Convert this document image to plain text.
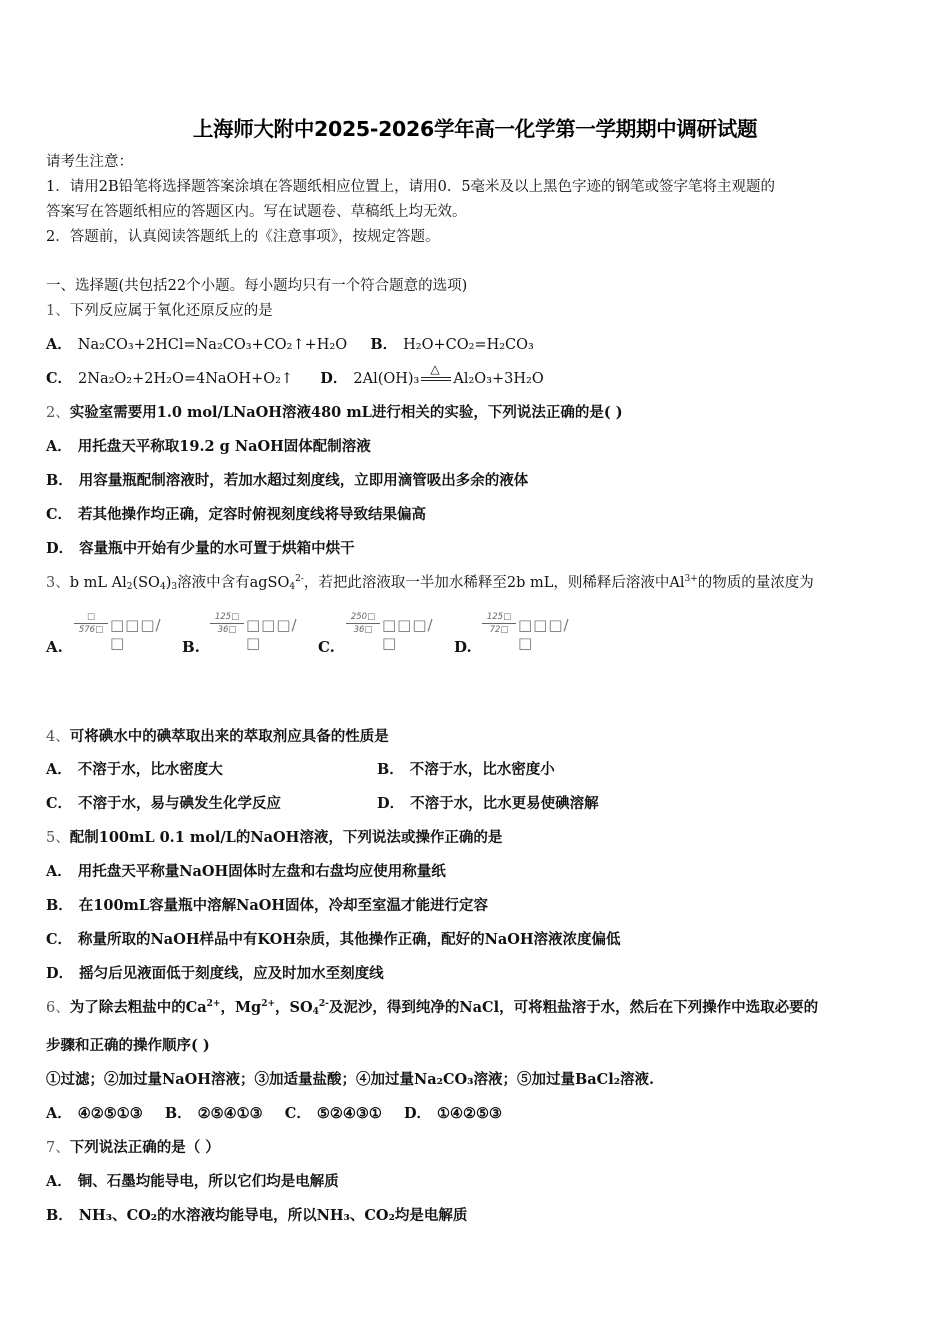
上海师大附中2025-2026学年高一化学第一学期期中调研试题
请考生注意：
1．请用2B铅笔将选择题答案涂填在答题纸相应位置上，请用0．5毫米及以上黑色字迹的钢笔或签字笔将主观题的
答案写在答题纸相应的答题区内。写在试题卷、草稿纸上均无效。
2．答题前，认真阅读答题纸上的《注意事项》，按规定答题。
一、选择题(共包括22个小题。每小题均只有一个符合题意的选项)
1、下列反应属于氧化还原反应的是
A． Na₂CO₃+2HCl=Na₂CO₃+CO₂↑+H₂O B． H₂O+CO₂=H₂CO₃
C． 2Na₂O₂+2H₂O=4NaOH+O₂↑ D． 2Al(OH)₃
△
Al₂O₃+3H₂O
2、实验室需要用1.0 mol/LNaOH溶液480 mL进行相关的实验，下列说法正确的是( )
A． 用托盘天平称取19.2 g NaOH固体配制溶液
B． 用容量瓶配制溶液时，若加水超过刻度线，立即用滴管吸出多余的液体
C． 若其他操作均正确，定容时俯视刻度线将导致结果偏高
D． 容量瓶中开始有少量的水可置于烘箱中烘干
3、b mL $Al_2(SO_4)_3$溶液中含有agSO$_4^{2-}$，若把此溶液取一半加水稀释至2b mL，则稀释后溶液中$Al^{3+}$的物质的量浓度为
A.
□
576□ □□□/□	B.
$\frac{125□}{36□}$ □□□/□	C.
$\frac{250□}{36□}$ □□□/□	D.
$\frac{125□}{72□}$ □□□/□
4、可将碘水中的碘萃取出来的萃取剂应具备的性质是
A． 不溶于水，比水密度大	B． 不溶于水，比水密度小
C． 不溶于水，易与碘发生化学反应	D． 不溶于水，比水更易使碘溶解
5、配制100mL 0.1 mol/L的NaOH溶液，下列说法或操作正确的是
A． 用托盘天平称量NaOH固体时左盘和右盘均应使用称量纸
B． 在100mL容量瓶中溶解NaOH固体，冷却至室温才能进行定容
C． 称量所取的NaOH样品中有KOH杂质，其他操作正确，配好的NaOH溶液浓度偏低
D． 摇匀后见液面低于刻度线，应及时加水至刻度线
6、为了除去粗盐中的$Ca^{2+}$，$Mg^{2+}$，$SO_4^{2-}$及泥沙，得到纯净的NaCl，可将粗盐溶于水，然后在下列操作中选取必要的
步骤和正确的操作顺序( )
①过滤；②加过量NaOH溶液；③加适量盐酸；④加过量Na₂CO₃溶液；⑤加过量BaCl₂溶液.
A． ④②⑤①③ B． ②⑤④①③ C． ⑤②④③① D． ①④②⑤③
7、下列说法正确的是（ ）
A． 铜、石墨均能导电，所以它们均是电解质
B． NH₃、CO₂的水溶液均能导电，所以NH₃、CO₂均是电解质
